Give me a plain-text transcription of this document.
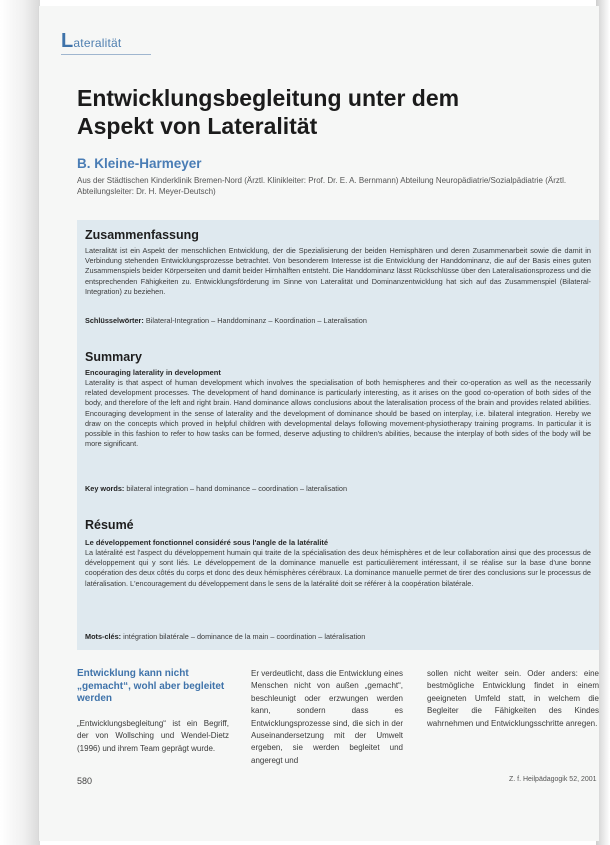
Lateralität
Entwicklungsbegleitung unter dem Aspekt von Lateralität
B. Kleine-Harmeyer
Aus der Städtischen Kinderklinik Bremen-Nord (Ärztl. Klinikleiter: Prof. Dr. E. A. Bernmann) Abteilung Neuropädiatrie/Sozialpädiatrie (Ärztl. Abteilungsleiter: Dr. H. Meyer-Deutsch)
Zusammenfassung
Lateralität ist ein Aspekt der menschlichen Entwicklung, der die Spezialisierung der beiden Hemisphären und deren Zusammenarbeit sowie die damit in Verbindung stehenden Entwicklungsprozesse betrachtet. Von besonderem Interesse ist die Entwicklung der Handdominanz, die auf der Basis eines guten Zusammenspiels beider Körperseiten und damit beider Hirnhälften entsteht. Die Handdominanz lässt Rückschlüsse über den Lateralisationsprozess und die entsprechenden Fähigkeiten zu. Entwicklungsförderung im Sinne von Lateralität und Dominanzentwicklung hat sich auf das Zusammenspiel (Bilateral-Integration) zu beziehen.
Schlüsselwörter: Bilateral-Integration – Handdominanz – Koordination – Lateralisation
Summary
Encouraging laterality in development
Laterality is that aspect of human development which involves the specialisation of both hemispheres and their co-operation as well as the necessarily related development processes. The development of hand dominance is particularly interesting, as it arises on the good co-operation of both sides of the body, and therefore of the left and right brain. Hand dominance allows conclusions about the lateralisation process of the brain and provides related abilities. Encouraging development in the sense of laterality and the development of dominance should be based on interplay, i.e. bilateral integration. Hereby we draw on the concepts which proved in helpful children with developmental delays following movement-physiotherapy training programs. In particular it is possible in this fashion to refer to how tasks can be formed, deserve adjusting to children's abilities, because the interplay of both sides of the body will be more significant.
Key words: bilateral integration – hand dominance – coordination – lateralisation
Résumé
Le développement fonctionnel considéré sous l'angle de la latéralité
La latéralité est l'aspect du développement humain qui traite de la spécialisation des deux hémisphères et de leur collaboration ainsi que des processus de développement qui y sont liés. Le développement de la dominance manuelle est particulièrement intéressant, il se réalise sur la base d'une bonne coopération des deux côtés du corps et donc des deux hémisphères cérébraux. La dominance manuelle permet de tirer des conclusions sur le processus de latéralisation. L'encouragement du développement dans le sens de la latéralité doit se référer à la coopération bilatérale.
Mots-clés: intégration bilatérale – dominance de la main – coordination – latéralisation
Entwicklung kann nicht „gemacht“, wohl aber begleitet werden
„Entwicklungsbegleitung“ ist ein Begriff, der von Wollsching und Wendel-Dietz (1996) und ihrem Team geprägt wurde.
Er verdeutlicht, dass die Entwicklung eines Menschen nicht von außen „gemacht“, beschleunigt oder erzwungen werden kann, sondern dass es Entwicklungsprozesse sind, die sich in der Auseinandersetzung mit der Umwelt ergeben, sie werden begleitet und angeregt und
sollen nicht weiter sein. Oder anders: eine bestmögliche Entwicklung findet in einem geeigneten Umfeld statt, in welchem die Begleiter die Fähigkeiten des Kindes wahrnehmen und Entwicklungsschritte anregen.
580	Z. f. Heilpädagogik 52, 2001
